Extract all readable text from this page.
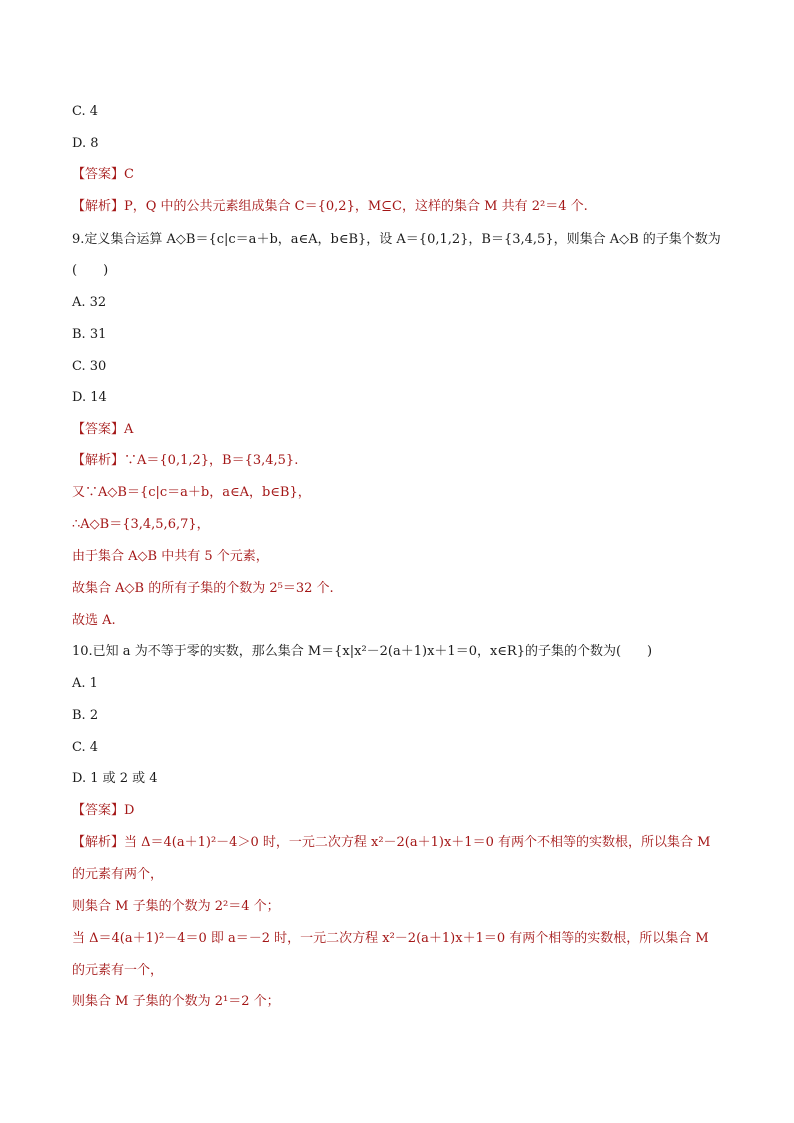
C. 4
D. 8
【答案】C
【解析】P，Q 中的公共元素组成集合 C＝{0,2}，M⊆C，这样的集合 M 共有 2²＝4 个.
9.定义集合运算 A◇B＝{c|c＝a＋b，a∈A，b∈B}，设 A＝{0,1,2}，B＝{3,4,5}，则集合 A◇B 的子集个数为
(　　)
A. 32
B. 31
C. 30
D. 14
【答案】A
【解析】∵A＝{0,1,2}，B＝{3,4,5}.
又∵A◇B＝{c|c＝a＋b，a∈A，b∈B}，
∴A◇B＝{3,4,5,6,7}，
由于集合 A◇B 中共有 5 个元素，
故集合 A◇B 的所有子集的个数为 2⁵＝32 个.
故选 A.
10.已知 a 为不等于零的实数，那么集合 M＝{x|x²－2(a＋1)x＋1＝0，x∈R}的子集的个数为(　　)
A. 1
B. 2
C. 4
D. 1 或 2 或 4
【答案】D
【解析】当 Δ＝4(a＋1)²－4＞0 时，一元二次方程 x²－2(a＋1)x＋1＝0 有两个不相等的实数根，所以集合 M
的元素有两个，
则集合 M 子集的个数为 2²＝4 个；
当 Δ＝4(a＋1)²－4＝0 即 a＝－2 时，一元二次方程 x²－2(a＋1)x＋1＝0 有两个相等的实数根，所以集合 M
的元素有一个，
则集合 M 子集的个数为 2¹＝2 个；
